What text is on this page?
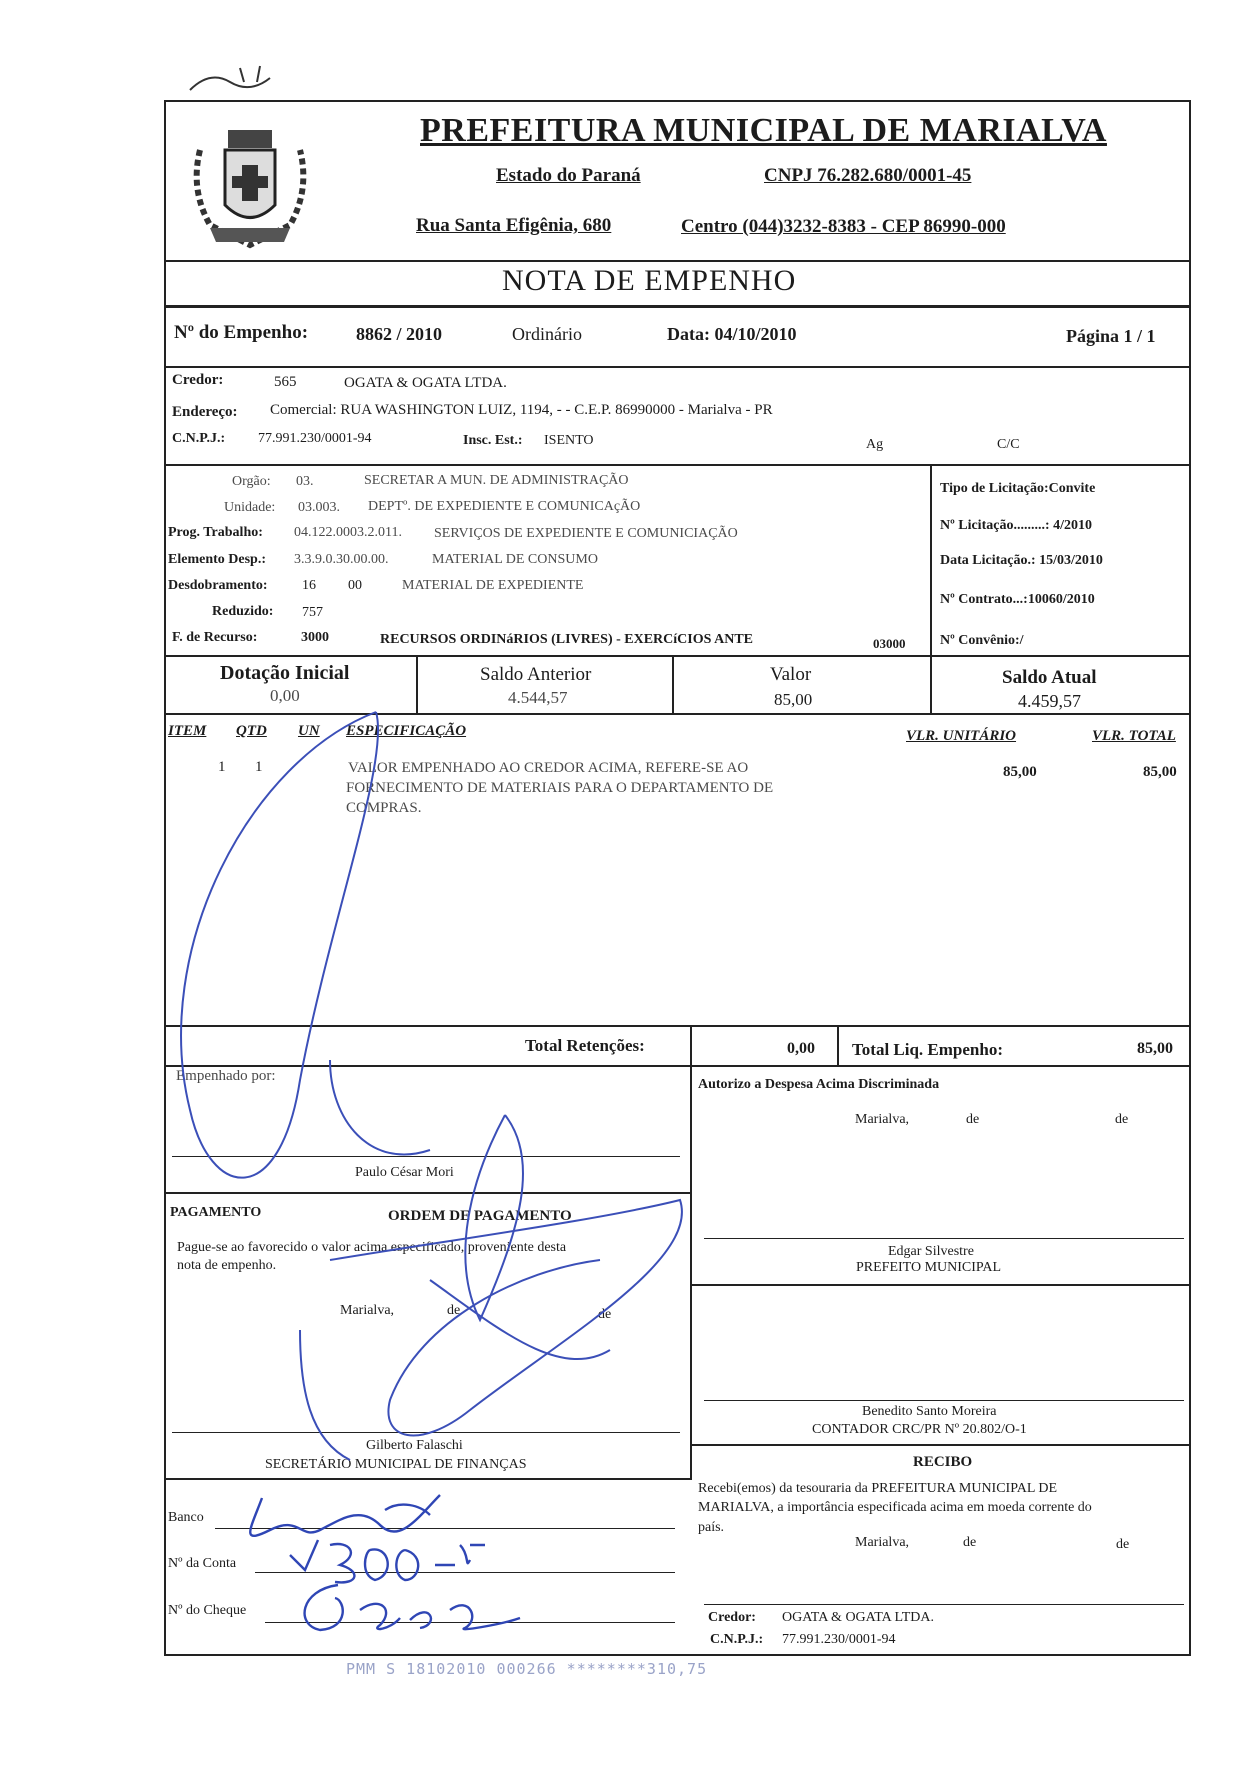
PREFEITURA MUNICIPAL DE MARIALVA
Estado do Paraná	CNPJ 76.282.680/0001-45
Rua Santa Efigênia, 680	Centro (044)3232-8383 - CEP 86990-000
NOTA DE EMPENHO
Nº do Empenho:	8862 / 2010	Ordinário	Data: 04/10/2010	Página 1 / 1
Credor:	565	OGATA & OGATA LTDA.
Endereço: Comercial: RUA WASHINGTON LUIZ, 1194, - - C.E.P. 86990000 - Marialva - PR
C.N.P.J.: 77.991.230/0001-94	Insc. Est.: ISENTO	Ag	C/C
Orgão: 03.	SECRETAR A MUN. DE ADMINISTRAÇÃO
Unidade: 03.003. DEPTº. DE EXPEDIENTE E COMUNICAçÃO
Prog. Trabalho: 04.122.0003.2.011. SERVIÇOS DE EXPEDIENTE E COMUNICIAÇÃO
Elemento Desp.: 3.3.9.0.30.00.00.	MATERIAL DE CONSUMO
Desdobramento: 16 00	MATERIAL DE EXPEDIENTE
Reduzido: 757
F. de Recurso:	3000	RECURSOS ORDINáRIOS (LIVRES) - EXERCíCIOS ANTE	03000
Tipo de Licitação:Convite
Nº Licitação.........: 4/2010
Data Licitação.: 15/03/2010
Nº Contrato...:10060/2010
Nº Convênio:/
Dotação Inicial
0,00
Saldo Anterior
4.544,57
Valor
85,00
Saldo Atual
4.459,57
ITEM QTD UN ESPECIFICAÇÃO	VLR. UNITÁRIO	VLR. TOTAL
1 1	VALOR EMPENHADO AO CREDOR ACIMA, REFERE-SE AO
FORNECIMENTO DE MATERIAIS PARA O DEPARTAMENTO DE
COMPRAS.
85,00	85,00
Total Retenções:	0,00 Total Liq. Empenho:	85,00
Empenhado por:
Paulo César Mori
PAGAMENTO	ORDEM DE PAGAMENTO
Pague-se ao favorecido o valor acima especificado, proveniente desta
nota de empenho.
Marialva,	de	de
Gilberto Falaschi
SECRETÁRIO MUNICIPAL DE FINANÇAS
Banco
Nº da Conta
Nº do Cheque
Autorizo a Despesa Acima Discriminada
Marialva,	de	de
Edgar Silvestre
PREFEITO MUNICIPAL
Benedito Santo Moreira
CONTADOR CRC/PR Nº 20.802/O-1
RECIBO
Recebi(emos) da tesouraria da PREFEITURA MUNICIPAL DE
MARIALVA, a importância especificada acima em moeda corrente do
país.
Marialva,	de	de
Credor: OGATA & OGATA LTDA.
C.N.P.J.: 77.991.230/0001-94
PMM S 18102010 000266 ********310,75
